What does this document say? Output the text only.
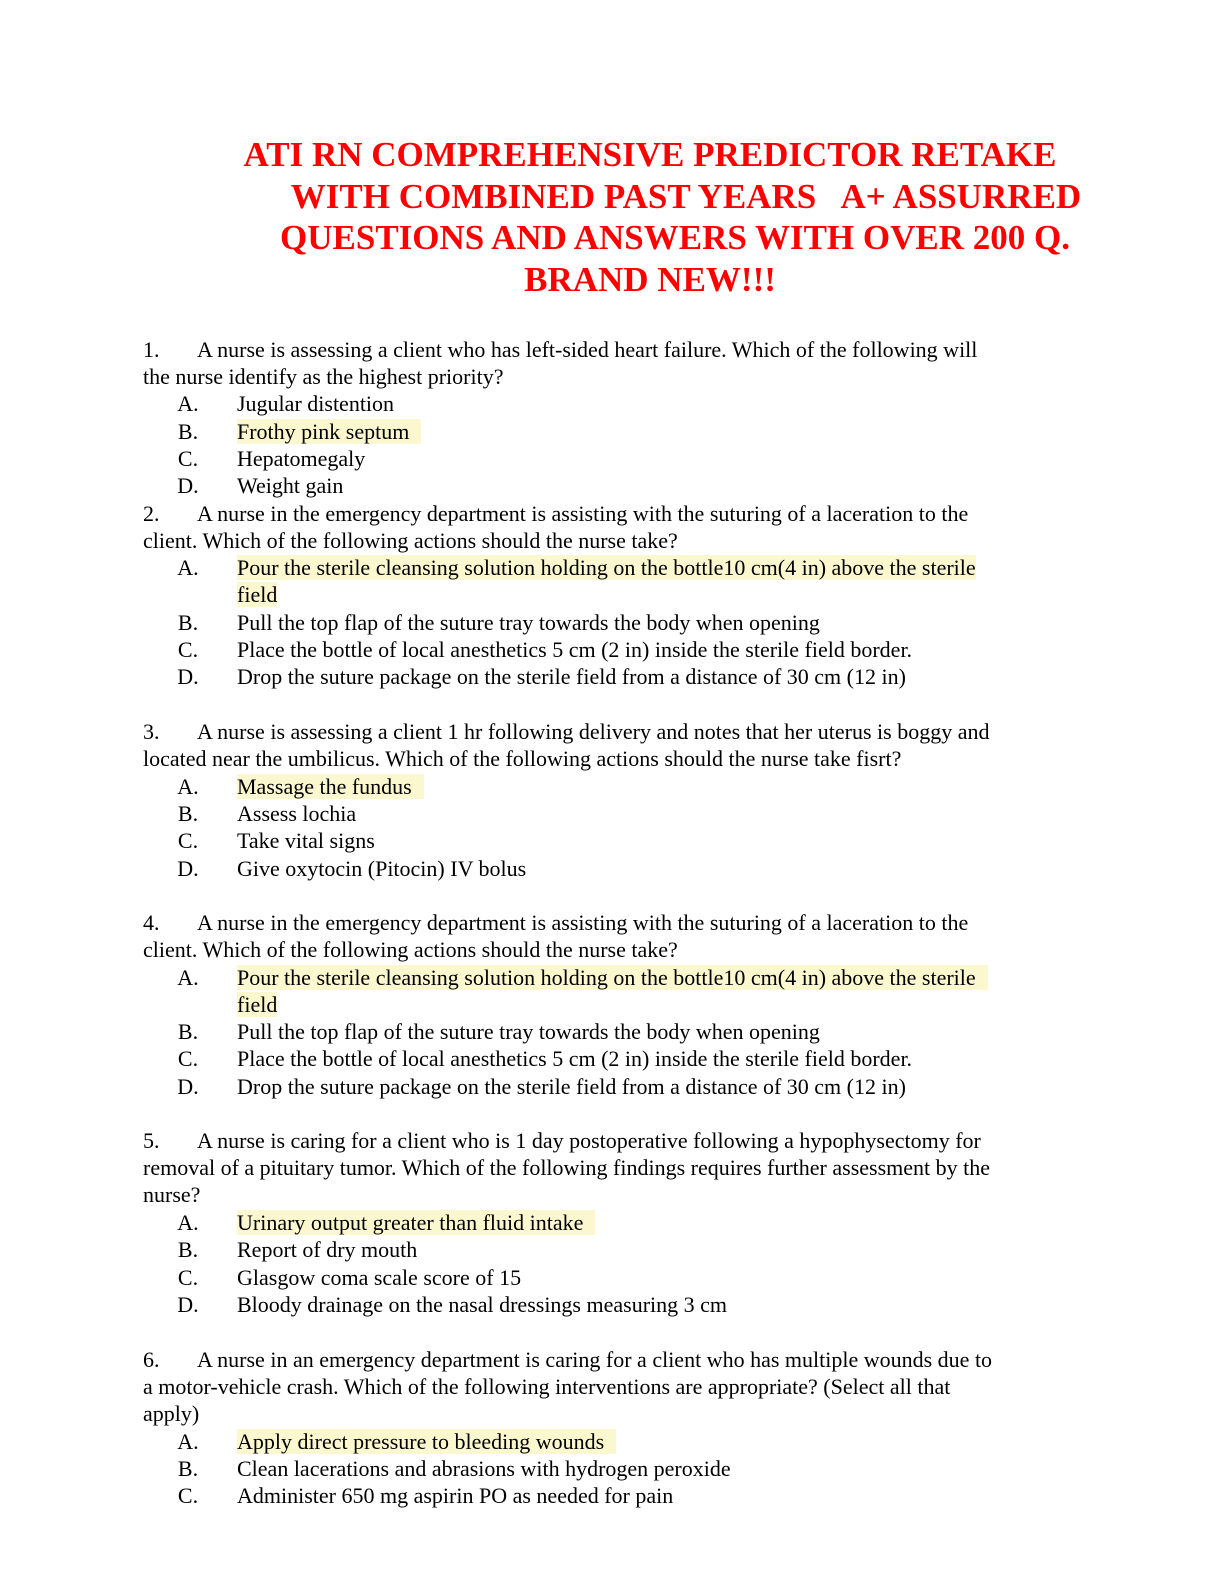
ATI RN COMPREHENSIVE PREDICTOR RETAKE
WITH COMBINED PAST YEARS   A+ ASSURRED
QUESTIONS AND ANSWERS WITH OVER 200 Q.
BRAND NEW!!!
1. A nurse is assessing a client who has left-sided heart failure. Which of the following will
the nurse identify as the highest priority?
A. Jugular distention
B. Frothy pink septum
C. Hepatomegaly
D. Weight gain
2. A nurse in the emergency department is assisting with the suturing of a laceration to the
client. Which of the following actions should the nurse take?
A. Pour the sterile cleansing solution holding on the bottle10 cm(4 in) above the sterile
field
B. Pull the top flap of the suture tray towards the body when opening
C. Place the bottle of local anesthetics 5 cm (2 in) inside the sterile field border.
D. Drop the suture package on the sterile field from a distance of 30 cm (12 in)
3. A nurse is assessing a client 1 hr following delivery and notes that her uterus is boggy and
located near the umbilicus. Which of the following actions should the nurse take fisrt?
A. Massage the fundus
B. Assess lochia
C. Take vital signs
D. Give oxytocin (Pitocin) IV bolus
4. A nurse in the emergency department is assisting with the suturing of a laceration to the
client. Which of the following actions should the nurse take?
A. Pour the sterile cleansing solution holding on the bottle10 cm(4 in) above the sterile
field
B. Pull the top flap of the suture tray towards the body when opening
C. Place the bottle of local anesthetics 5 cm (2 in) inside the sterile field border.
D. Drop the suture package on the sterile field from a distance of 30 cm (12 in)
5. A nurse is caring for a client who is 1 day postoperative following a hypophysectomy for
removal of a pituitary tumor. Which of the following findings requires further assessment by the
nurse?
A. Urinary output greater than fluid intake
B. Report of dry mouth
C. Glasgow coma scale score of 15
D. Bloody drainage on the nasal dressings measuring 3 cm
6. A nurse in an emergency department is caring for a client who has multiple wounds due to
a motor-vehicle crash. Which of the following interventions are appropriate? (Select all that
apply)
A. Apply direct pressure to bleeding wounds
B. Clean lacerations and abrasions with hydrogen peroxide
C. Administer 650 mg aspirin PO as needed for pain
